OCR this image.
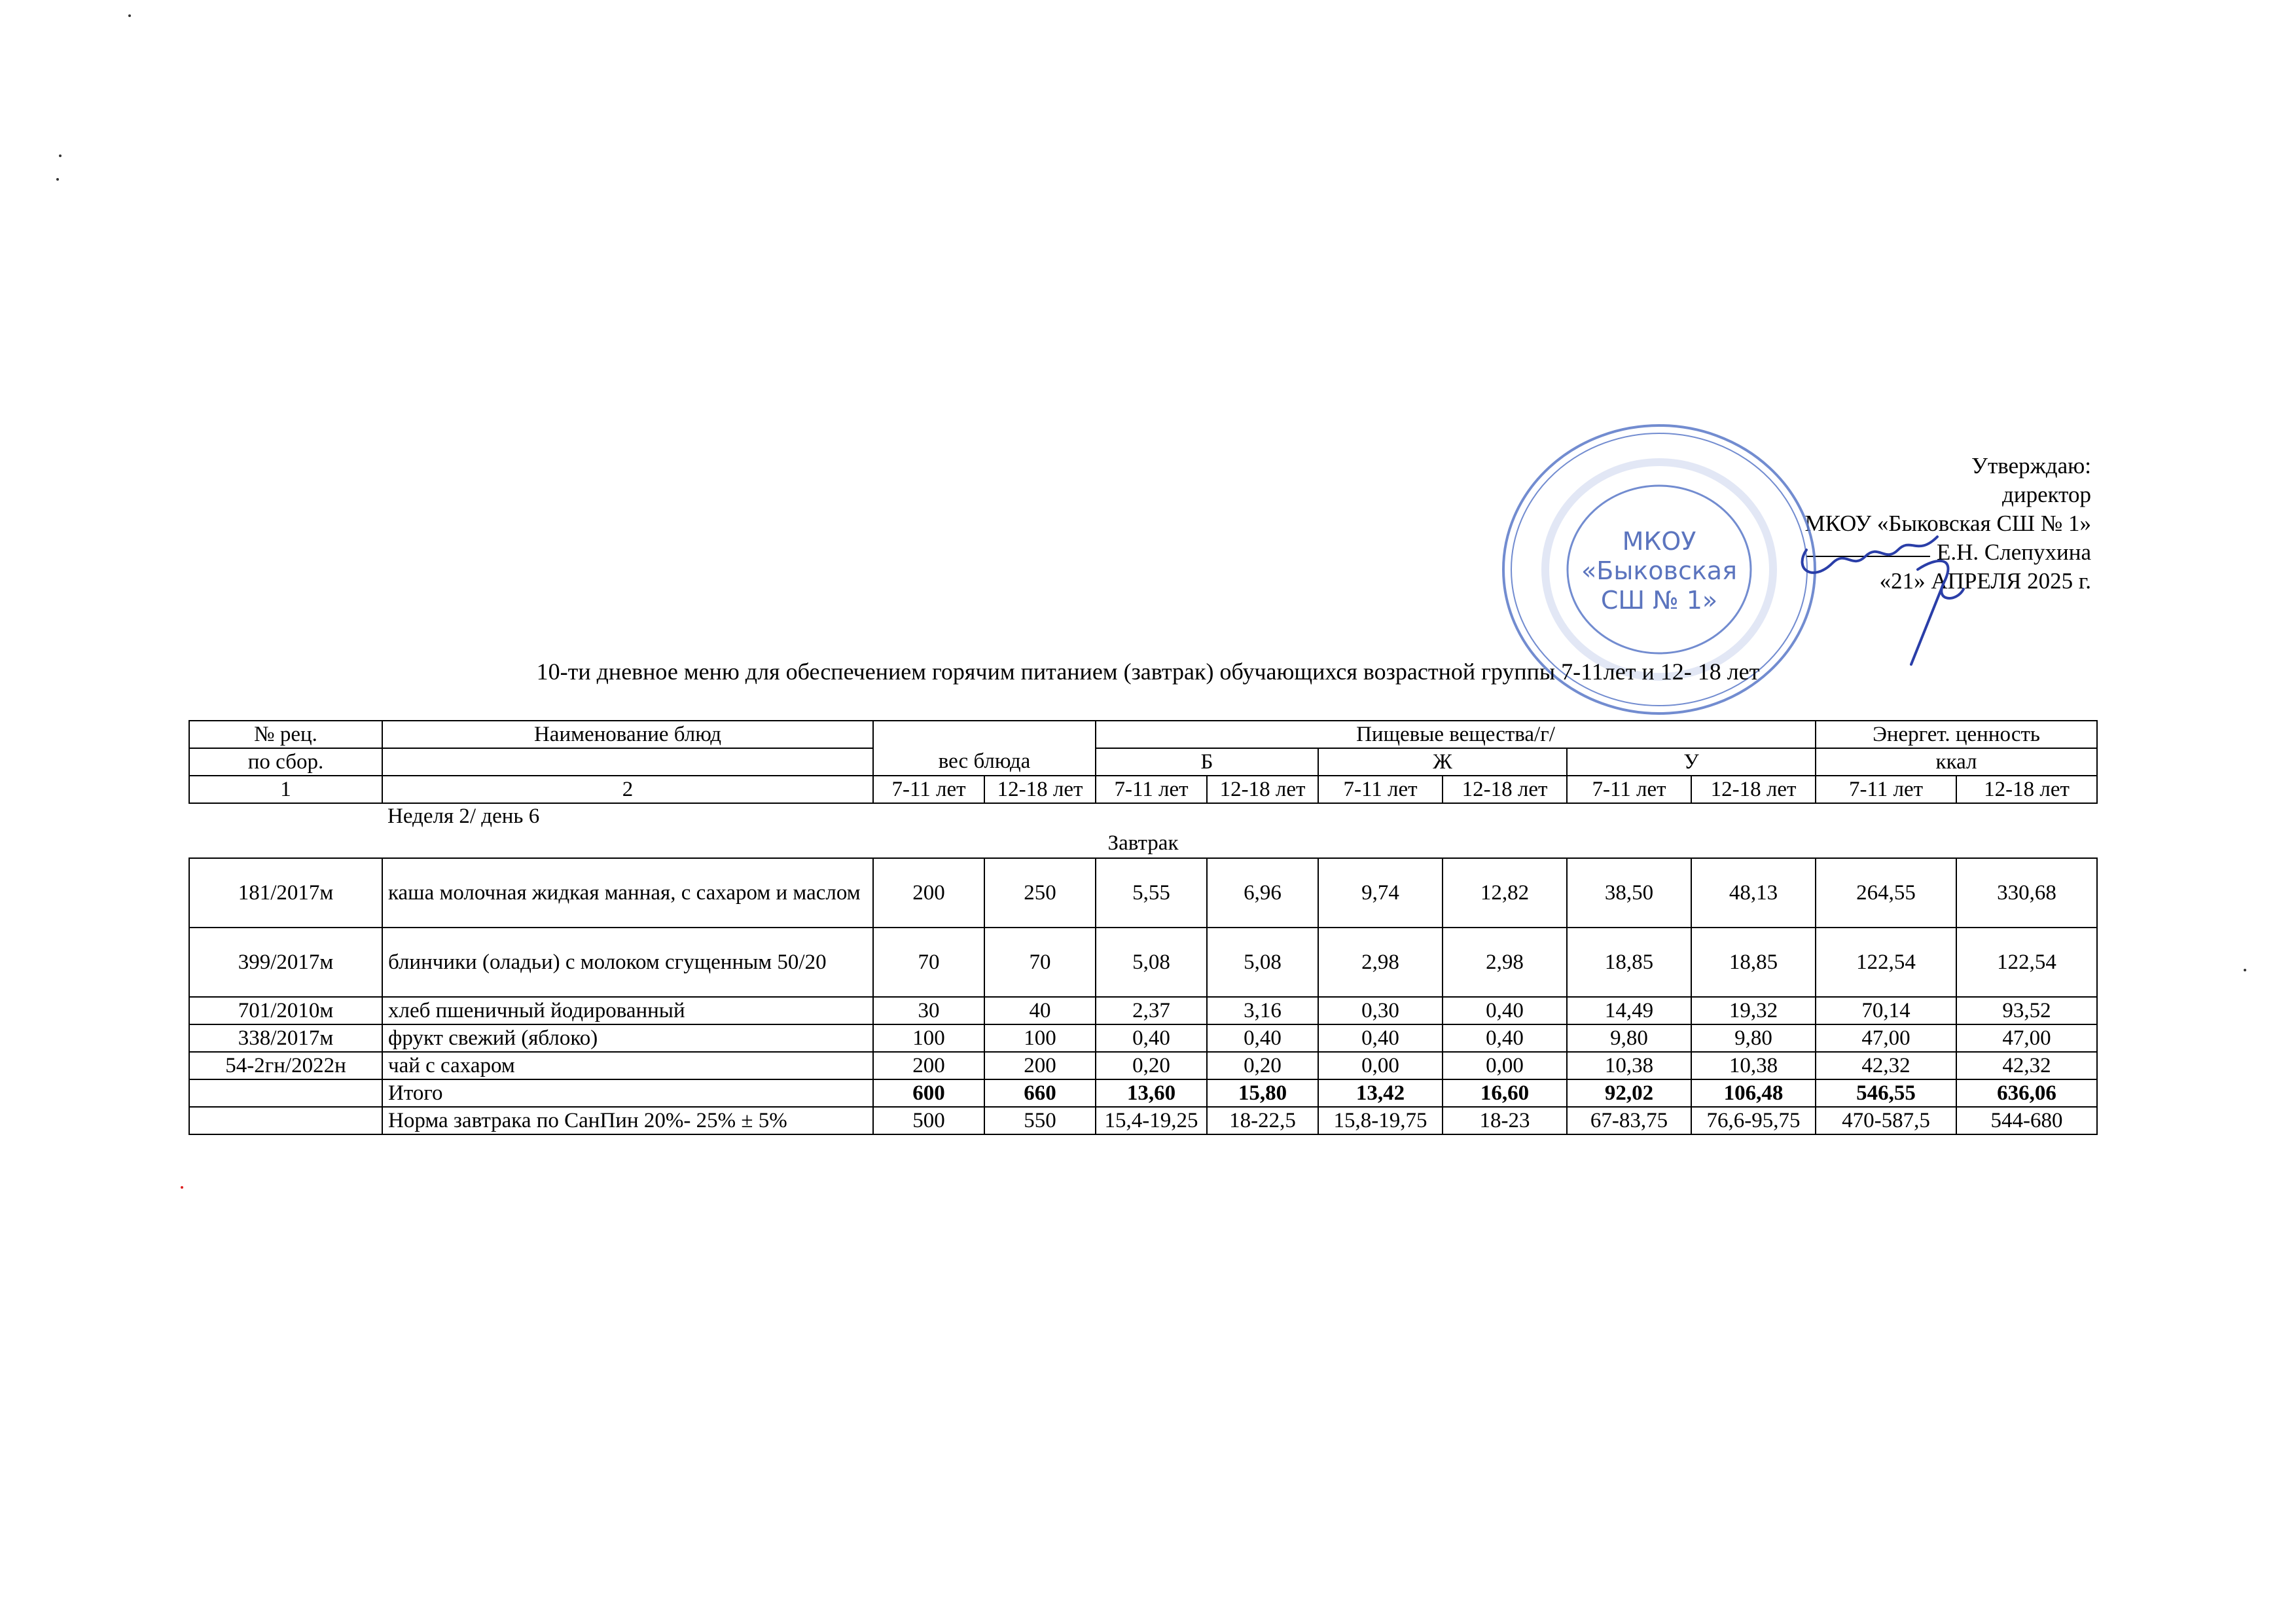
Утверждаю:
директор
МКОУ «Быковская СШ № 1»
Е.Н. Слепухина
«21» АПРЕЛЯ 2025 г.
МКОУ
«Быковская
СШ № 1»
10-ти дневное меню для обеспечением горячим питанием (завтрак) обучающихся возрастной группы 7-11лет и 12- 18 лет
№ рец.	Наименование блюд			Пищевые вещества/г/						Энергет. ценность	
по сбор.		вес блюда		Б		Ж		У		ккал	
1	2	7-11 лет	12-18 лет	7-11 лет	12-18 лет	7-11 лет	12-18 лет	7-11 лет	12-18 лет	7-11 лет	12-18 лет
	Неделя 2/ день 6										
Завтрак											
181/2017м	каша молочная жидкая манная, с сахаром и маслом	200	250	5,55	6,96	9,74	12,82	38,50	48,13	264,55	330,68
399/2017м	блинчики (оладьи) с молоком сгущенным 50/20	70	70	5,08	5,08	2,98	2,98	18,85	18,85	122,54	122,54
701/2010м	хлеб пшеничный йодированный	30	40	2,37	3,16	0,30	0,40	14,49	19,32	70,14	93,52
338/2017м	фрукт свежий (яблоко)	100	100	0,40	0,40	0,40	0,40	9,80	9,80	47,00	47,00
54-2гн/2022н	чай с сахаром	200	200	0,20	0,20	0,00	0,00	10,38	10,38	42,32	42,32
	Итого	600	660	13,60	15,80	13,42	16,60	92,02	106,48	546,55	636,06
	Норма завтрака по СанПин 20%- 25% ± 5%	500	550	15,4-19,25	18-22,5	15,8-19,75	18-23	67-83,75	76,6-95,75	470-587,5	544-680
